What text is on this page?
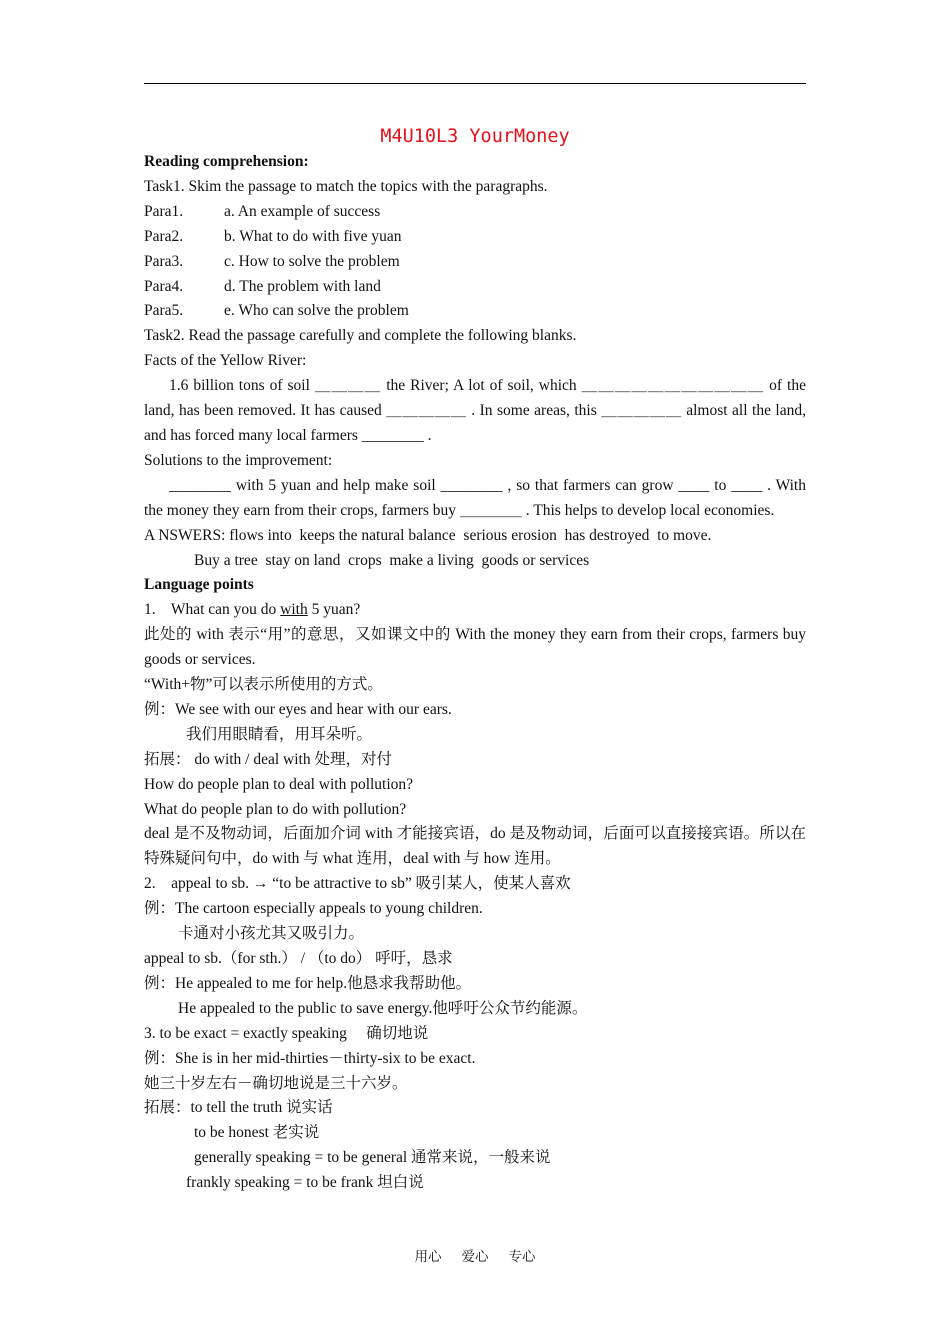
M4U10L3 YourMoney
Reading comprehension:
Task1. Skim the passage to match the topics with the paragraphs.
Para1.	a. An example of success
Para2.	b. What to do with five yuan
Para3.	c. How to solve the problem
Para4.	d. The problem with land
Para5.	e. Who can solve the problem
Task2. Read the passage carefully and complete the following blanks.
Facts of the Yellow River:
1.6 billion tons of soil ＿＿＿＿ the River; A lot of soil, which ＿＿＿＿＿＿＿＿＿＿＿ of the land, has been removed. It has caused ＿＿＿＿＿ . In some areas, this ＿＿＿＿＿ almost all the land, and has forced many local farmers ________ .
Solutions to the improvement:
________ with 5 yuan and help make soil ________ , so that farmers can grow ____ to ____ . With the money they earn from their crops, farmers buy ＿＿＿＿ . This helps to develop local economies.
A NSWERS: flows into  keeps the natural balance  serious erosion  has destroyed  to move.
Buy a tree  stay on land  crops  make a living  goods or services
Language points
1.    What can you do with 5 yuan?
此处的 with 表示“用”的意思，又如课文中的 With the money they earn from their crops, farmers buy goods or services.
“With+物”可以表示所使用的方式。
例：We see with our eyes and hear with our ears.
我们用眼睛看，用耳朵听。
拓展： do with / deal with 处理，对付
How do people plan to deal with pollution?
What do people plan to do with pollution?
deal 是不及物动词，后面加介词 with 才能接宾语，do 是及物动词，后面可以直接接宾语。所以在特殊疑问句中，do with 与 what 连用，deal with 与 how 连用。
2.    appeal to sb. → “to be attractive to sb” 吸引某人，使某人喜欢
例：The cartoon especially appeals to young children.
卡通对小孩尤其又吸引力。
appeal to sb.（for sth.） / （to do） 呼吁，恳求
例：He appealed to me for help.他恳求我帮助他。
He appealed to the public to save energy.他呼吁公众节约能源。
3. to be exact = exactly speaking     确切地说
例：She is in her mid-thirties－thirty-six to be exact.
她三十岁左右－确切地说是三十六岁。
拓展：to tell the truth 说实话
to be honest 老实说
generally speaking = to be general 通常来说，一般来说
frankly speaking = to be frank 坦白说
用心 爱心 专心
